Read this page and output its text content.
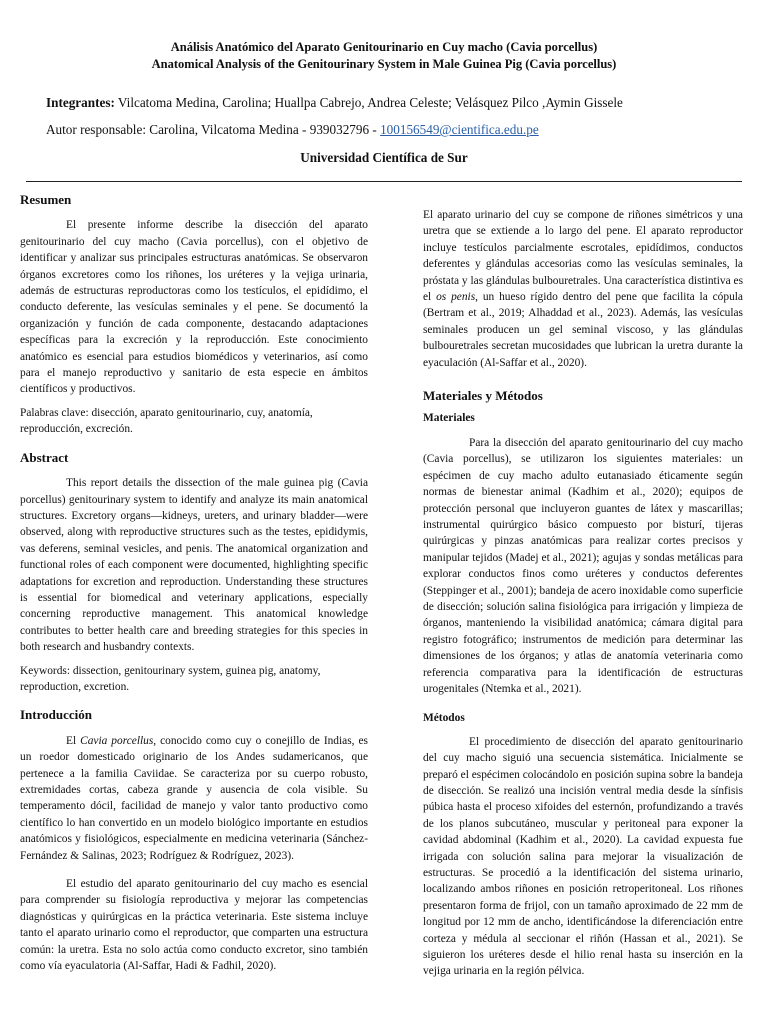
Análisis Anatómico del Aparato Genitourinario en Cuy macho (Cavia porcellus)
Anatomical Analysis of the Genitourinary System in Male Guinea Pig (Cavia porcellus)
Integrantes: Vilcatoma Medina, Carolina; Huallpa Cabrejo, Andrea Celeste; Velásquez Pilco ,Aymin Gissele
Autor responsable: Carolina, Vilcatoma Medina - 939032796 - 100156549@cientifica.edu.pe
Universidad Científica de Sur

Resumen

El presente informe describe la disección del aparato genitourinario del cuy macho (Cavia porcellus), con el objetivo de identificar y analizar sus principales estructuras anatómicas. Se observaron órganos excretores como los riñones, los uréteres y la vejiga urinaria, además de estructuras reproductoras como los testículos, el epidídimo, el conducto deferente, las vesículas seminales y el pene. Se documentó la organización y función de cada componente, destacando adaptaciones específicas para la excreción y la reproducción. Este conocimiento anatómico es esencial para estudios biomédicos y veterinarios, así como para el manejo reproductivo y sanitario de esta especie en ámbitos científicos y productivos.

Palabras clave: disección, aparato genitourinario, cuy, anatomía, reproducción, excreción.

Abstract

This report details the dissection of the male guinea pig (Cavia porcellus) genitourinary system to identify and analyze its main anatomical structures. Excretory organs—kidneys, ureters, and urinary bladder—were observed, along with reproductive structures such as the testes, epididymis, vas deferens, seminal vesicles, and penis. The anatomical organization and functional roles of each component were documented, highlighting specific adaptations for excretion and reproduction. Understanding these structures is essential for biomedical and veterinary applications, especially concerning reproductive management. This anatomical knowledge contributes to better health care and breeding strategies for this species in both research and husbandry contexts.

Keywords: dissection, genitourinary system, guinea pig, anatomy, reproduction, excretion.

Introducción

El Cavia porcellus, conocido como cuy o conejillo de Indias, es un roedor domesticado originario de los Andes sudamericanos, que pertenece a la familia Caviidae. Se caracteriza por su cuerpo robusto, extremidades cortas, cabeza grande y ausencia de cola visible. Su temperamento dócil, facilidad de manejo y valor tanto productivo como científico lo han convertido en un modelo biológico importante en estudios anatómicos y fisiológicos, especialmente en medicina veterinaria (Sánchez-Fernández & Salinas, 2023; Rodríguez & Rodríguez, 2023).

El estudio del aparato genitourinario del cuy macho es esencial para comprender su fisiología reproductiva y mejorar las competencias diagnósticas y quirúrgicas en la práctica veterinaria. Este sistema incluye tanto el aparato urinario como el reproductor, que comparten una estructura común: la uretra. Esta no solo actúa como conducto excretor, sino también como vía eyaculatoria (Al-Saffar, Hadi & Fadhil, 2020).

El aparato urinario del cuy se compone de riñones simétricos y una uretra que se extiende a lo largo del pene. El aparato reproductor incluye testículos parcialmente escrotales, epidídimos, conductos deferentes y glándulas accesorias como las vesículas seminales, la próstata y las glándulas bulbouretrales. Una característica distintiva es el os penis, un hueso rígido dentro del pene que facilita la cópula (Bertram et al., 2019; Alhaddad et al., 2023). Además, las vesículas seminales producen un gel seminal viscoso, y las glándulas bulbouretrales secretan mucosidades que lubrican la uretra durante la eyaculación (Al-Saffar et al., 2020).

Materiales y Métodos

Materiales

Para la disección del aparato genitourinario del cuy macho (Cavia porcellus), se utilizaron los siguientes materiales: un espécimen de cuy macho adulto eutanasiado éticamente según normas de bienestar animal (Kadhim et al., 2020); equipos de protección personal que incluyeron guantes de látex y mascarillas; instrumental quirúrgico básico compuesto por bisturí, tijeras quirúrgicas y pinzas anatómicas para realizar cortes precisos y manipular tejidos (Madej et al., 2021); agujas y sondas metálicas para explorar conductos finos como uréteres y conductos deferentes (Steppinger et al., 2001); bandeja de acero inoxidable como superficie de disección; solución salina fisiológica para irrigación y limpieza de órganos, manteniendo la visibilidad anatómica; cámara digital para registro fotográfico; instrumentos de medición para determinar las dimensiones de los órganos; y atlas de anatomía veterinaria como referencia comparativa para la identificación de estructuras urogenitales (Ntemka et al., 2021).

Métodos

El procedimiento de disección del aparato genitourinario del cuy macho siguió una secuencia sistemática. Inicialmente se preparó el espécimen colocándolo en posición supina sobre la bandeja de disección. Se realizó una incisión ventral media desde la sínfisis púbica hasta el proceso xifoides del esternón, profundizando a través de los planos subcutáneo, muscular y peritoneal para exponer la cavidad abdominal (Kadhim et al., 2020). La cavidad expuesta fue irrigada con solución salina para mejorar la visualización de estructuras. Se procedió a la identificación del sistema urinario, localizando ambos riñones en posición retroperitoneal. Los riñones presentaron forma de frijol, con un tamaño aproximado de 22 mm de longitud por 12 mm de ancho, identificándose la diferenciación entre corteza y médula al seccionar el riñón (Hassan et al., 2021). Se siguieron los uréteres desde el hilio renal hasta su inserción en la vejiga urinaria en la región pélvica.
